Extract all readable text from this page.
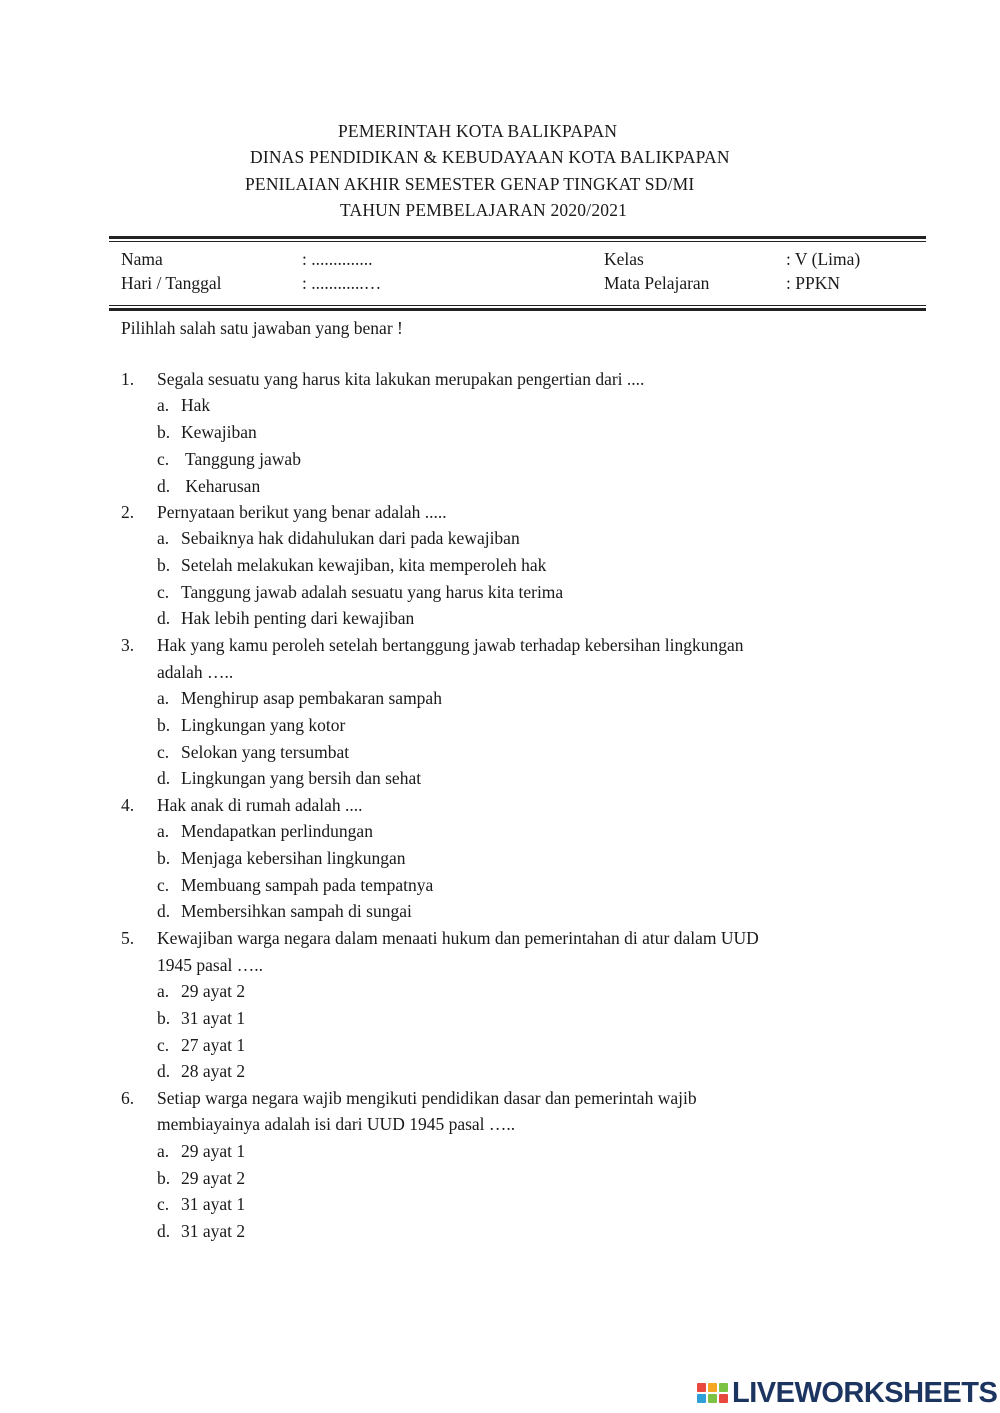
PEMERINTAH KOTA BALIKPAPAN
DINAS PENDIDIKAN & KEBUDAYAAN KOTA BALIKPAPAN
PENILAIAN AKHIR SEMESTER GENAP TINGKAT SD/MI
TAHUN PEMBELAJARAN 2020/2021
Nama	: ..............
Hari / Tanggal	: ............…
Kelas	: V (Lima)
Mata Pelajaran	: PPKN
Pilihlah salah satu jawaban yang benar !
1. Segala sesuatu yang harus kita lakukan merupakan pengertian dari ....
a. Hak
b. Kewajiban
c. Tanggung jawab
d. Keharusan
2. Pernyataan berikut yang benar adalah .....
a. Sebaiknya hak didahulukan dari pada kewajiban
b. Setelah melakukan kewajiban, kita memperoleh hak
c. Tanggung jawab adalah sesuatu yang harus kita terima
d. Hak lebih penting dari kewajiban
3. Hak yang kamu peroleh setelah bertanggung jawab terhadap kebersihan lingkungan
adalah …..
a. Menghirup asap pembakaran sampah
b. Lingkungan yang kotor
c. Selokan yang tersumbat
d. Lingkungan yang bersih dan sehat
4. Hak anak di rumah adalah ....
a. Mendapatkan perlindungan
b. Menjaga kebersihan lingkungan
c. Membuang sampah pada tempatnya
d. Membersihkan sampah di sungai
5. Kewajiban warga negara dalam menaati hukum dan pemerintahan di atur dalam UUD
1945 pasal …..
a. 29 ayat 2
b. 31 ayat 1
c. 27 ayat 1
d. 28 ayat 2
6. Setiap warga negara wajib mengikuti pendidikan dasar dan pemerintah wajib
membiayainya adalah isi dari UUD 1945 pasal …..
a. 29 ayat 1
b. 29 ayat 2
c. 31 ayat 1
d. 31 ayat 2
LIVEWORKSHEETS
